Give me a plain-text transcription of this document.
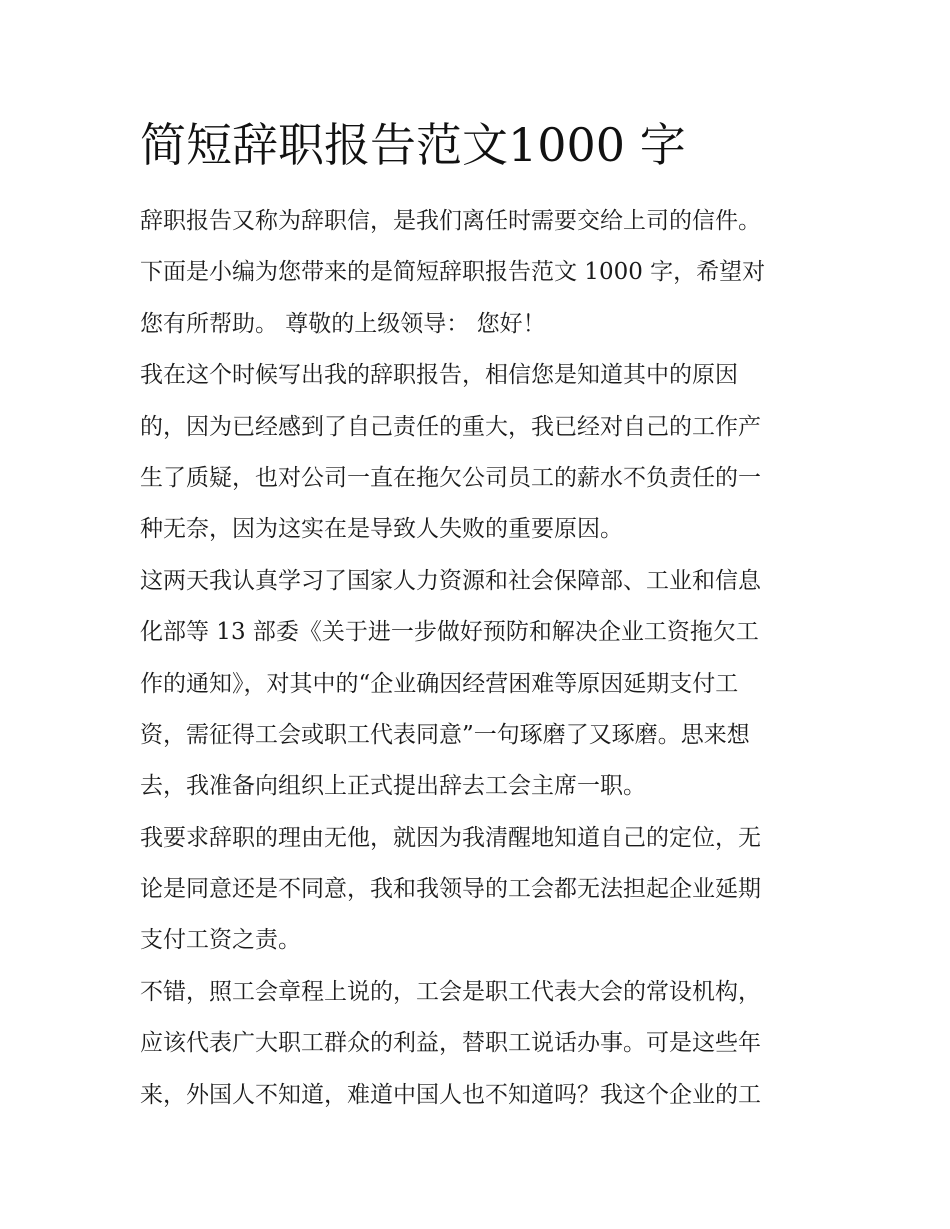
简短辞职报告范文1000 字
辞职报告又称为辞职信，是我们离任时需要交给上司的信件。
下面是小编为您带来的是简短辞职报告范文 1000 字，希望对
您有所帮助。 尊敬的上级领导： 您好！
我在这个时候写出我的辞职报告，相信您是知道其中的原因
的，因为已经感到了自己责任的重大，我已经对自己的工作产
生了质疑，也对公司一直在拖欠公司员工的薪水不负责任的一
种无奈，因为这实在是导致人失败的重要原因。
这两天我认真学习了国家人力资源和社会保障部、工业和信息
化部等 13 部委《关于进一步做好预防和解决企业工资拖欠工
作的通知》，对其中的“企业确因经营困难等原因延期支付工
资，需征得工会或职工代表同意”一句琢磨了又琢磨。思来想
去，我准备向组织上正式提出辞去工会主席一职。
我要求辞职的理由无他，就因为我清醒地知道自己的定位，无
论是同意还是不同意，我和我领导的工会都无法担起企业延期
支付工资之责。
不错，照工会章程上说的，工会是职工代表大会的常设机构，
应该代表广大职工群众的利益，替职工说话办事。可是这些年
来，外国人不知道，难道中国人也不知道吗？我这个企业的工
